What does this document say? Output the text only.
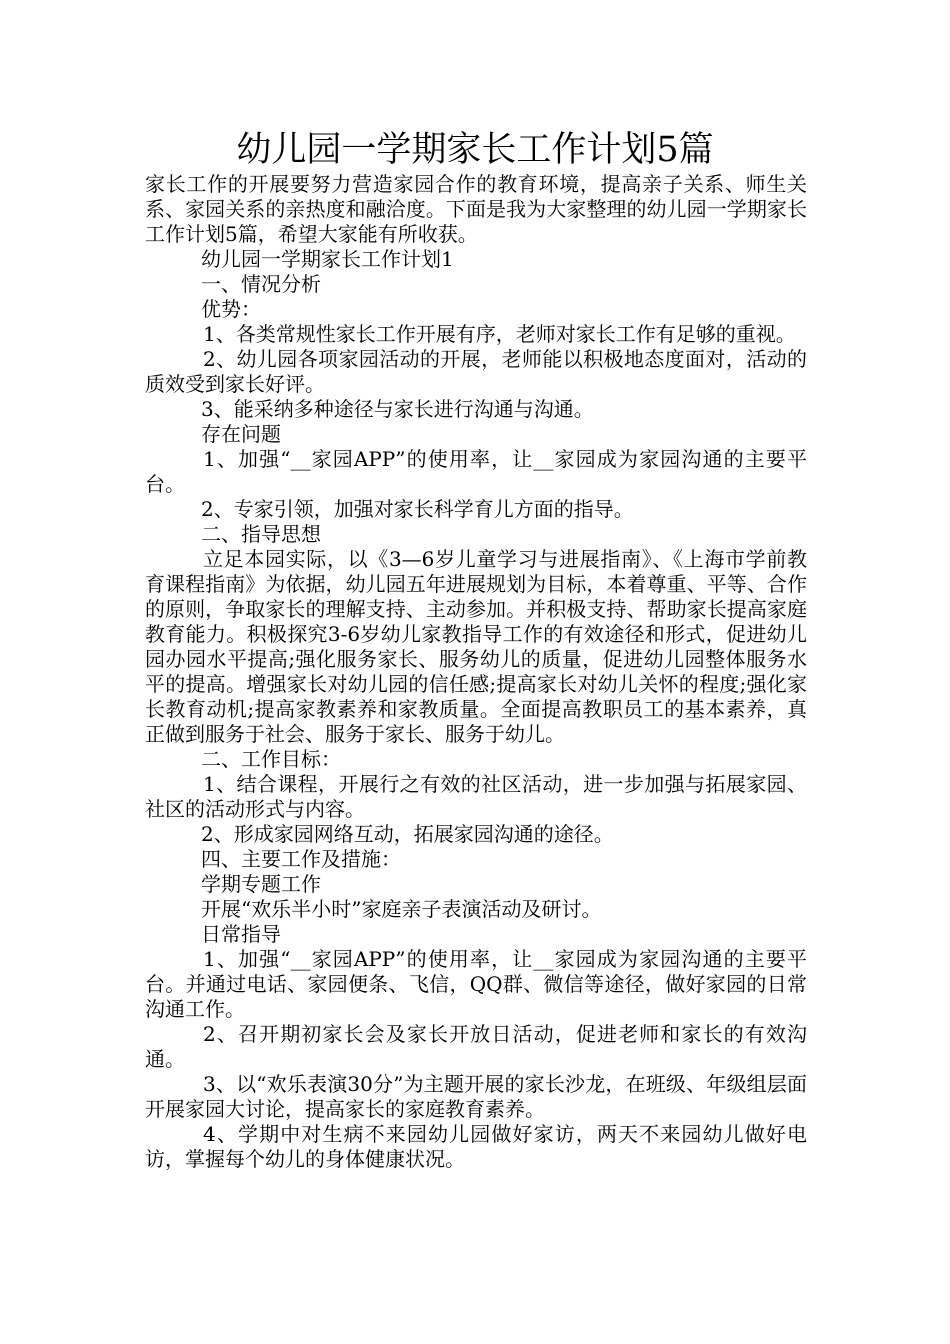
幼儿园一学期家长工作计划5篇

家长工作的开展要努力营造家园合作的教育环境，提高亲子关系、师生关系、家园关系的亲热度和融洽度。下面是我为大家整理的幼儿园一学期家长工作计划5篇，希望大家能有所收获。

幼儿园一学期家长工作计划1

一、情况分析

优势：

1、各类常规性家长工作开展有序，老师对家长工作有足够的重视。

2、幼儿园各项家园活动的开展，老师能以积极地态度面对，活动的质效受到家长好评。

3、能采纳多种途径与家长进行沟通与沟通。

存在问题

1、加强“__家园APP”的使用率，让__家园成为家园沟通的主要平台。

2、专家引领，加强对家长科学育儿方面的指导。

二、指导思想

立足本园实际，以《3—6岁儿童学习与进展指南》、《上海市学前教育课程指南》为依据，幼儿园五年进展规划为目标，本着尊重、平等、合作的原则，争取家长的理解支持、主动参加。并积极支持、帮助家长提高家庭教育能力。积极探究3-6岁幼儿家教指导工作的有效途径和形式，促进幼儿园办园水平提高;强化服务家长、服务幼儿的质量，促进幼儿园整体服务水平的提高。增强家长对幼儿园的信任感;提高家长对幼儿关怀的程度;强化家长教育动机;提高家教素养和家教质量。全面提高教职员工的基本素养，真正做到服务于社会、服务于家长、服务于幼儿。

二、工作目标：

1、结合课程，开展行之有效的社区活动，进一步加强与拓展家园、社区的活动形式与内容。

2、形成家园网络互动，拓展家园沟通的途径。

四、主要工作及措施：

学期专题工作

开展“欢乐半小时”家庭亲子表演活动及研讨。

日常指导

1、加强“__家园APP”的使用率，让__家园成为家园沟通的主要平台。并通过电话、家园便条、飞信，QQ群、微信等途径，做好家园的日常沟通工作。

2、召开期初家长会及家长开放日活动，促进老师和家长的有效沟通。

3、以“欢乐表演30分”为主题开展的家长沙龙，在班级、年级组层面开展家园大讨论，提高家长的家庭教育素养。

4、学期中对生病不来园幼儿园做好家访，两天不来园幼儿做好电访，掌握每个幼儿的身体健康状况。
